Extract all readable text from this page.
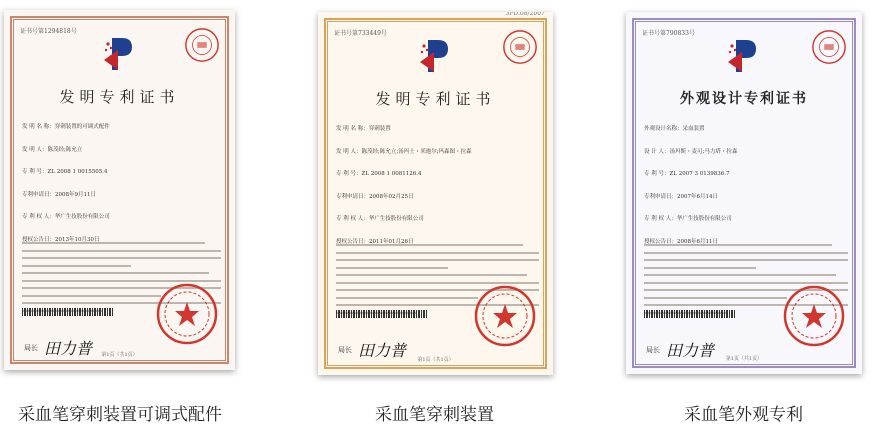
证书号第1294818号
发明专利证书
发 明 名 称：穿刺装置的可调式配件
发 明 人：陈茂经;陈允立
专 利 号：ZL 2008 1 0015505.4
专利申请日：2008年9月11日
专 利 权 人：华广生技股份有限公司
授权公告日：2013年10月30日
局长 田力普	第1页（共1页）
证书号第733449号
3PD.08/2007
发明专利证书
发 明 名 称：穿刺装置
发 明 人：陈茂经;陈允立;汤玛士・米迦尔;玛森图・拉森
专 利 号：ZL 2008 1 0081126.4
专利申请日：2008年02月25日
专 利 权 人：华广生技股份有限公司
授权公告日：2011年01月26日
局长 田力普	第1页（共1页）
证书号第790833号
外观设计专利证书
外观设计名称：采血装置
设 计 人：汤玛斯・麦可;马力塔・拉森
专 利 号：ZL 2007 3 0139836.7
专利申请日：2007年6月14日
专 利 权 人：华广生技股份有限公司
授权公告日：2008年6月11日
局长 田力普	第1页（共1页）
采血笔穿刺装置可调式配件	采血笔穿刺装置	采血笔外观专利
